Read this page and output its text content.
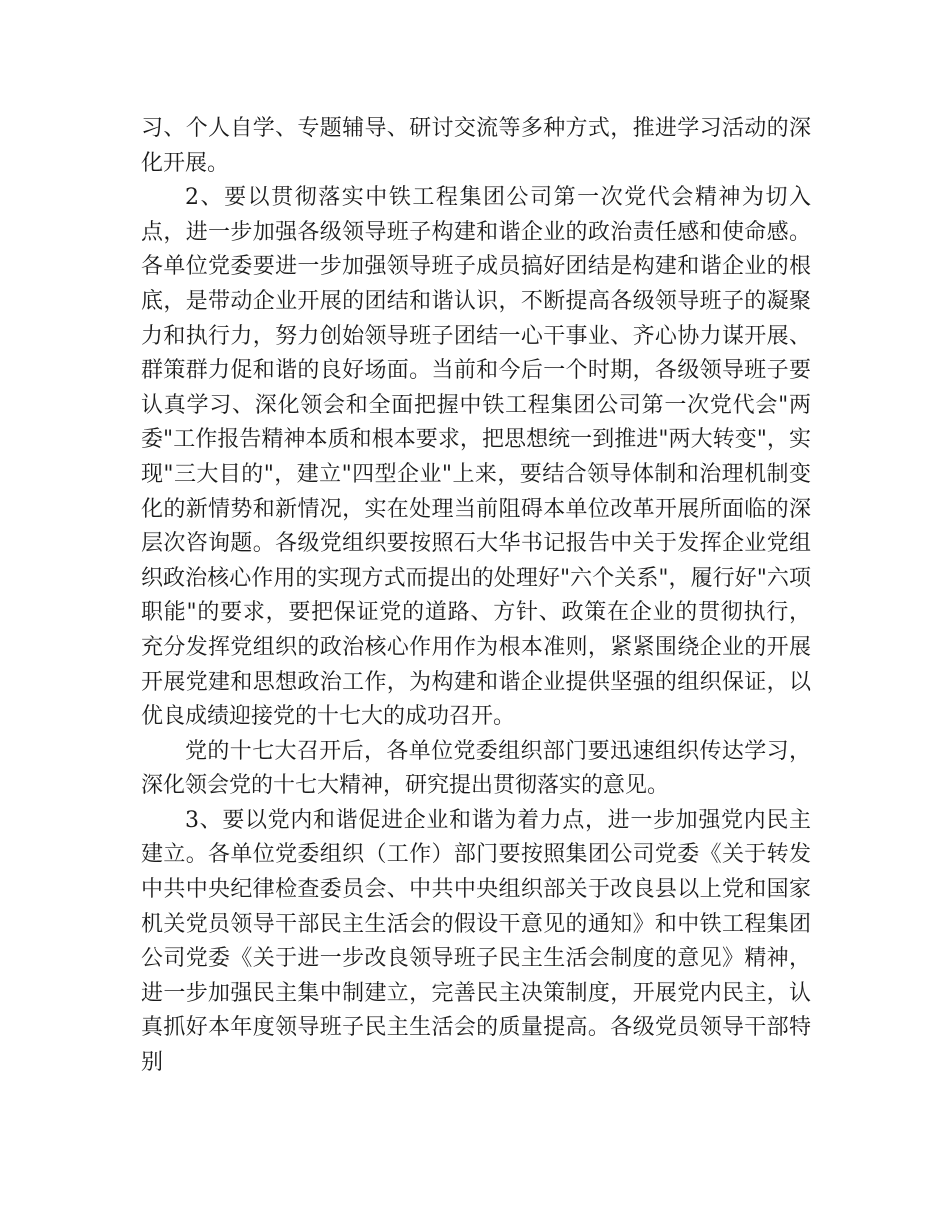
习、个人自学、专题辅导、研讨交流等多种方式，推进学习活动的深化开展。

2、要以贯彻落实中铁工程集团公司第一次党代会精神为切入点，进一步加强各级领导班子构建和谐企业的政治责任感和使命感。各单位党委要进一步加强领导班子成员搞好团结是构建和谐企业的根底，是带动企业开展的团结和谐认识，不断提高各级领导班子的凝聚力和执行力，努力创始领导班子团结一心干事业、齐心协力谋开展、群策群力促和谐的良好场面。当前和今后一个时期，各级领导班子要认真学习、深化领会和全面把握中铁工程集团公司第一次党代会"两委"工作报告精神本质和根本要求，把思想统一到推进"两大转变"，实现"三大目的"，建立"四型企业"上来，要结合领导体制和治理机制变化的新情势和新情况，实在处理当前阻碍本单位改革开展所面临的深层次咨询题。各级党组织要按照石大华书记报告中关于发挥企业党组织政治核心作用的实现方式而提出的处理好"六个关系"，履行好"六项职能"的要求，要把保证党的道路、方针、政策在企业的贯彻执行，充分发挥党组织的政治核心作用作为根本准则，紧紧围绕企业的开展开展党建和思想政治工作，为构建和谐企业提供坚强的组织保证，以优良成绩迎接党的十七大的成功召开。

党的十七大召开后，各单位党委组织部门要迅速组织传达学习，深化领会党的十七大精神，研究提出贯彻落实的意见。

3、要以党内和谐促进企业和谐为着力点，进一步加强党内民主建立。各单位党委组织（工作）部门要按照集团公司党委《关于转发中共中央纪律检查委员会、中共中央组织部关于改良县以上党和国家机关党员领导干部民主生活会的假设干意见的通知》和中铁工程集团公司党委《关于进一步改良领导班子民主生活会制度的意见》精神，进一步加强民主集中制建立，完善民主决策制度，开展党内民主，认真抓好本年度领导班子民主生活会的质量提高。各级党员领导干部特别
